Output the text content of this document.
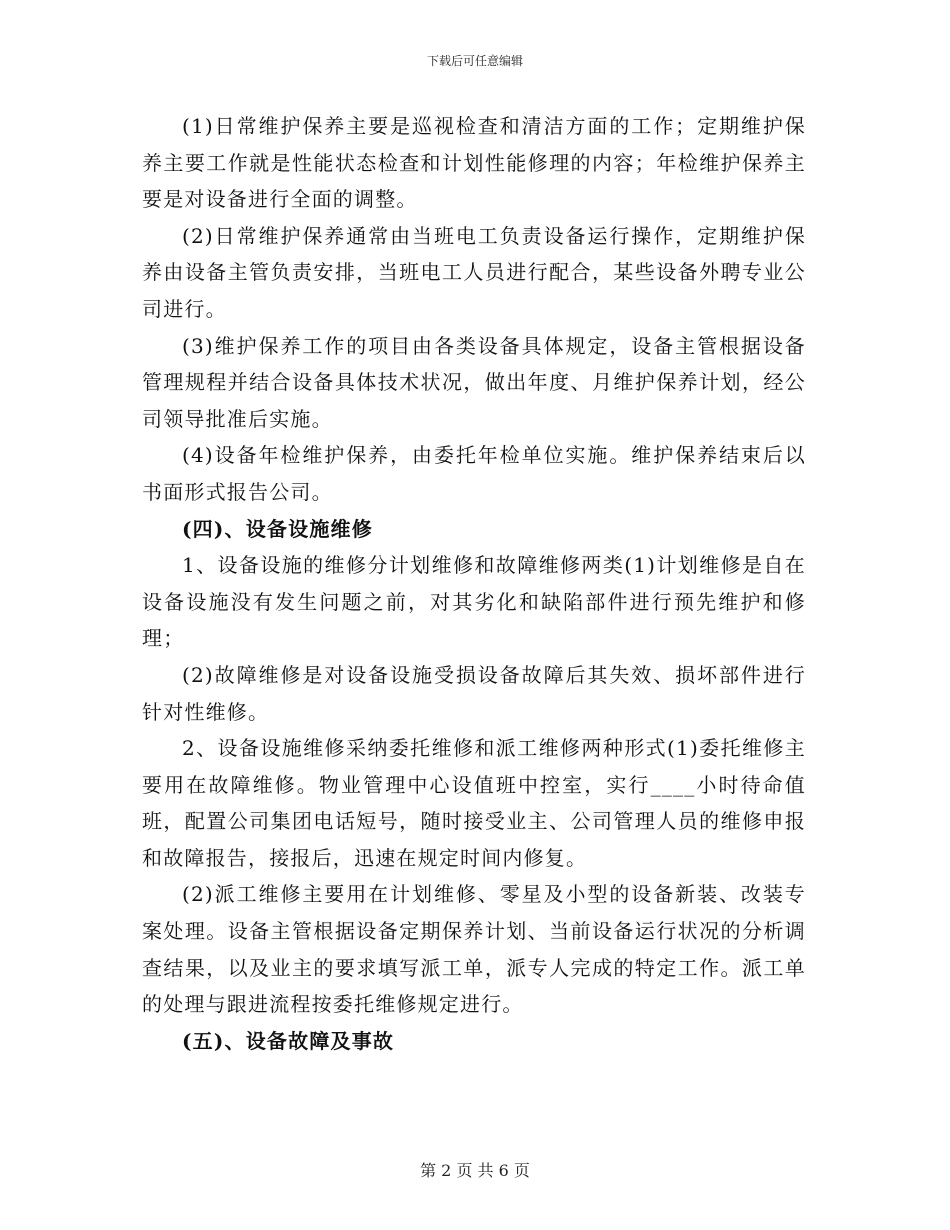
下载后可任意编辑

(1)日常维护保养主要是巡视检查和清洁方面的工作；定期维护保养主要工作就是性能状态检查和计划性能修理的内容；年检维护保养主要是对设备进行全面的调整。

(2)日常维护保养通常由当班电工负责设备运行操作，定期维护保养由设备主管负责安排，当班电工人员进行配合，某些设备外聘专业公司进行。

(3)维护保养工作的项目由各类设备具体规定，设备主管根据设备管理规程并结合设备具体技术状况，做出年度、月维护保养计划，经公司领导批准后实施。

(4)设备年检维护保养，由委托年检单位实施。维护保养结束后以书面形式报告公司。

(四)、设备设施维修

1、设备设施的维修分计划维修和故障维修两类(1)计划维修是自在设备设施没有发生问题之前，对其劣化和缺陷部件进行预先维护和修理；

(2)故障维修是对设备设施受损设备故障后其失效、损坏部件进行针对性维修。

2、设备设施维修采纳委托维修和派工维修两种形式(1)委托维修主要用在故障维修。物业管理中心设值班中控室，实行____小时待命值班，配置公司集团电话短号，随时接受业主、公司管理人员的维修申报和故障报告，接报后，迅速在规定时间内修复。

(2)派工维修主要用在计划维修、零星及小型的设备新装、改装专案处理。设备主管根据设备定期保养计划、当前设备运行状况的分析调查结果，以及业主的要求填写派工单，派专人完成的特定工作。派工单的处理与跟进流程按委托维修规定进行。

(五)、设备故障及事故

第 2 页 共 6 页
